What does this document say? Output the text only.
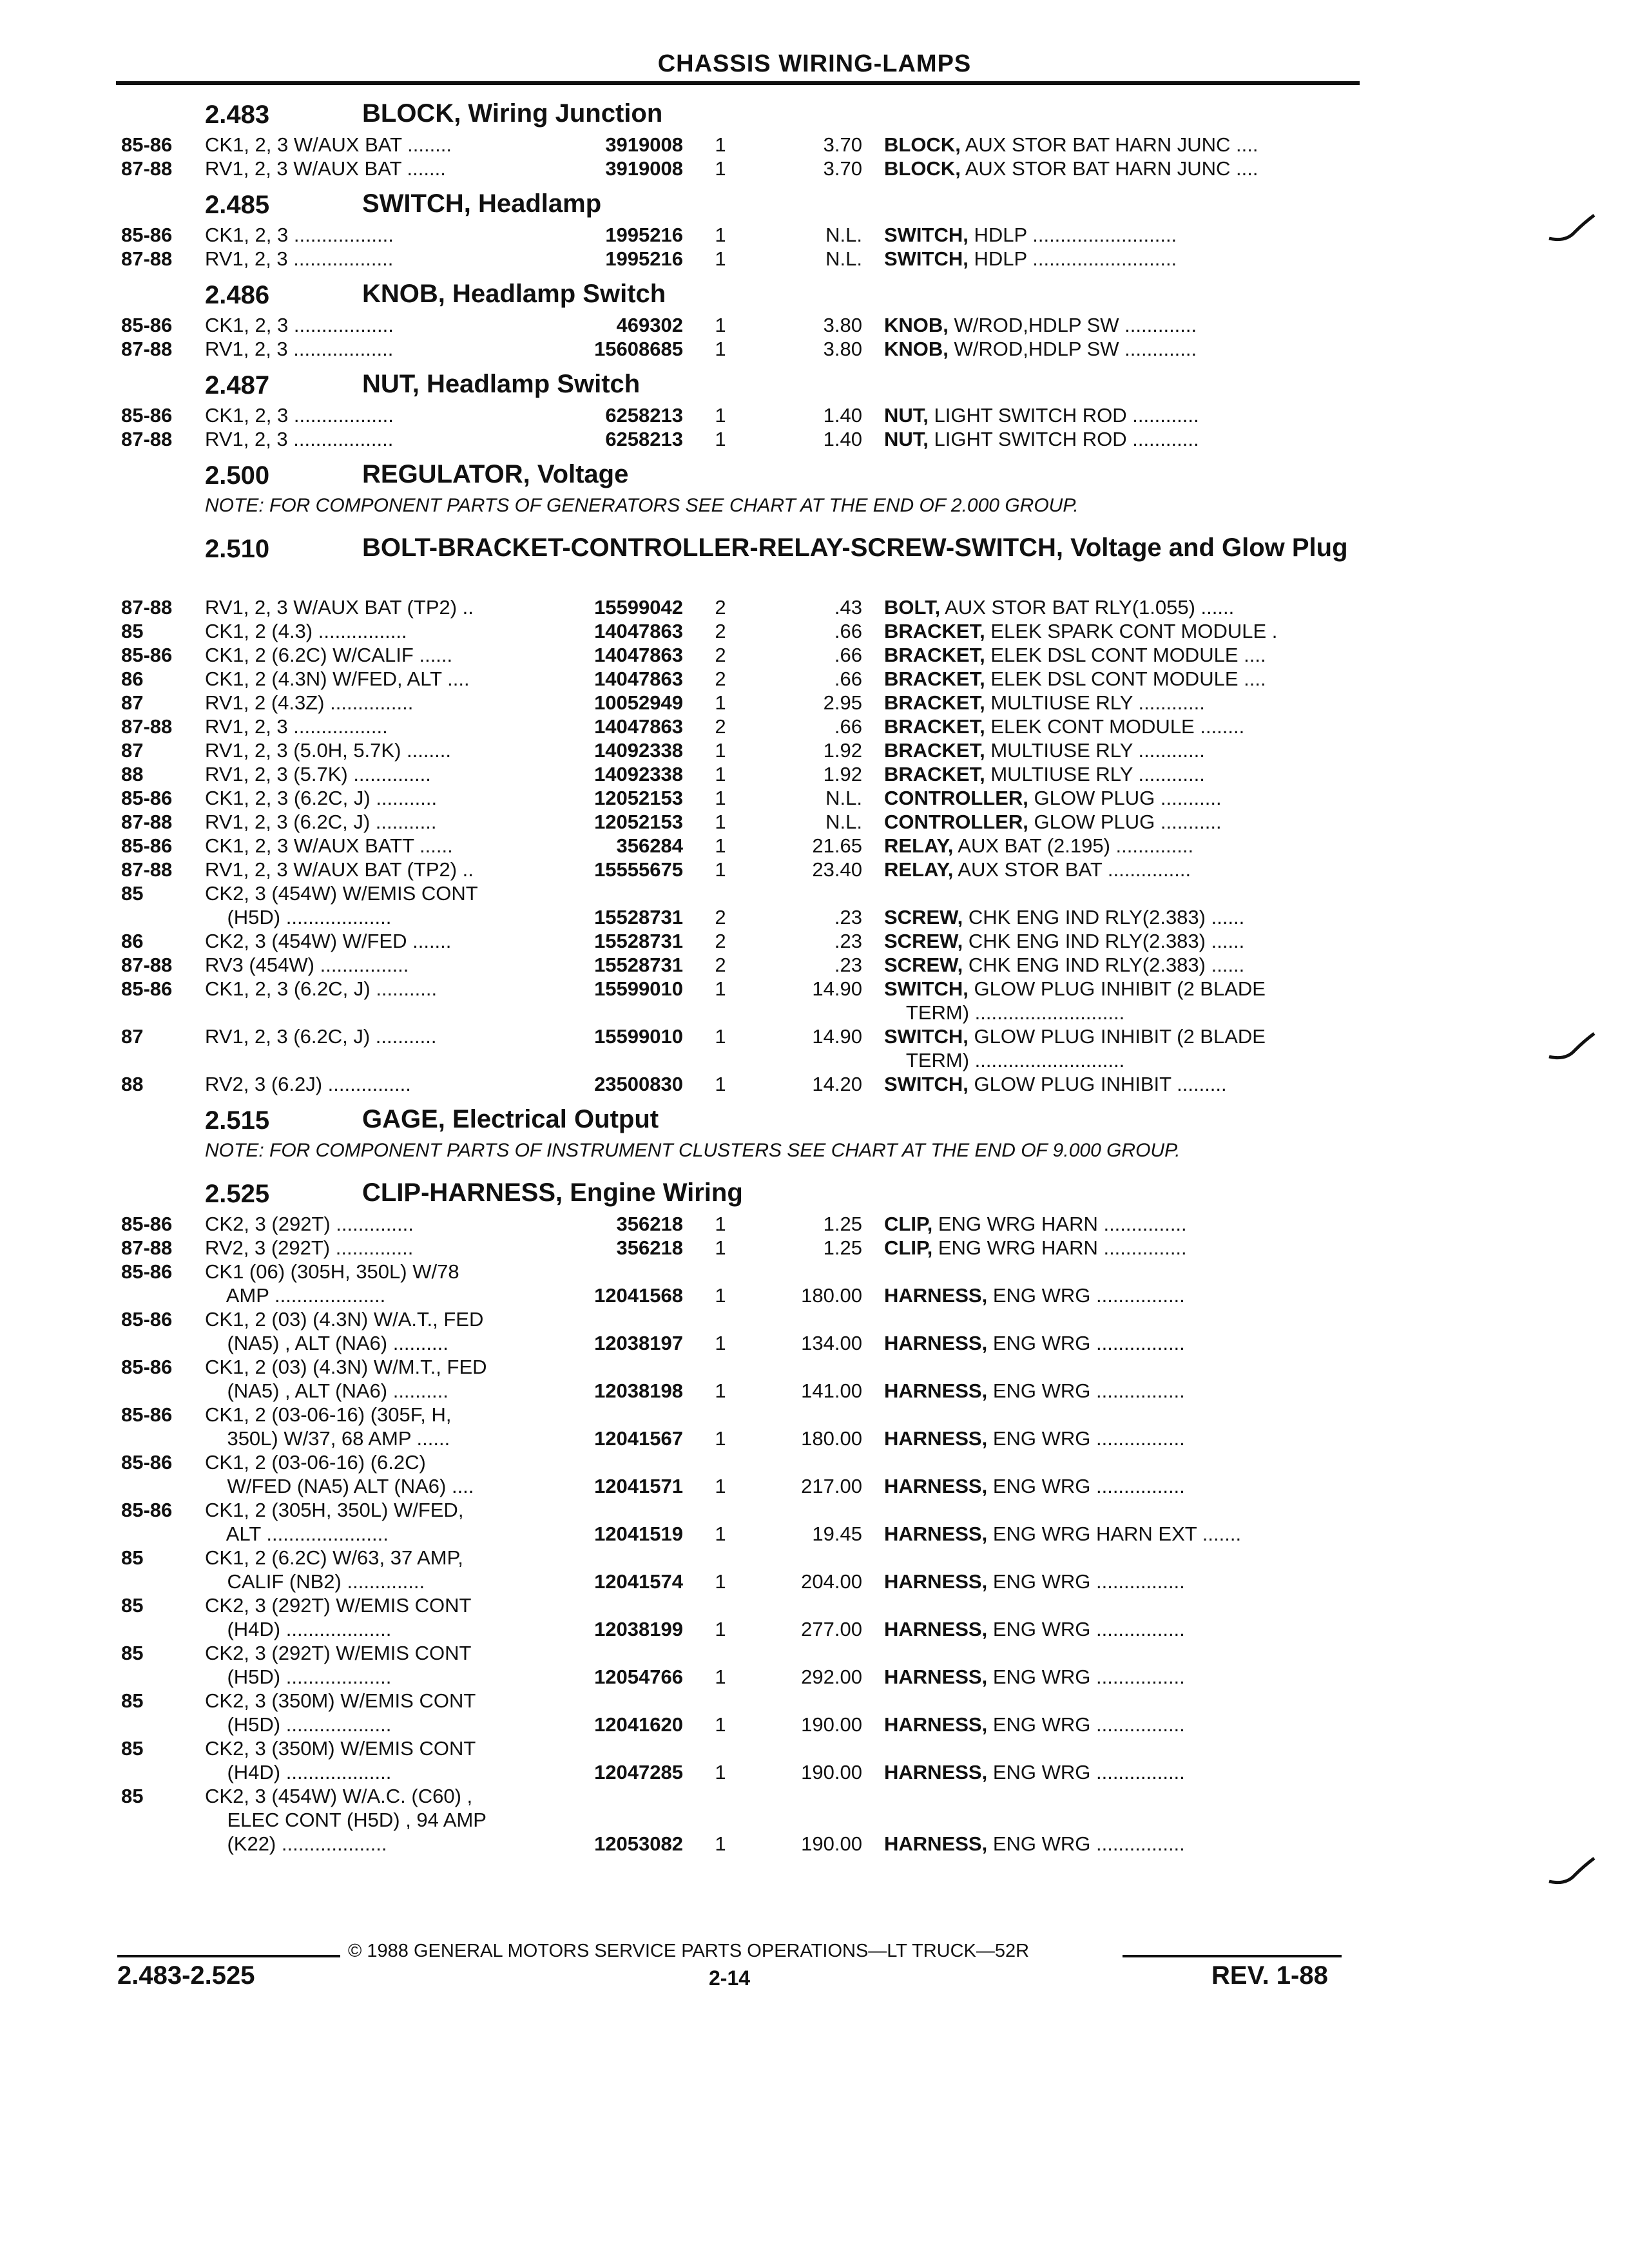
CHASSIS WIRING-LAMPS
2.483	BLOCK, Wiring Junction
85-86 CK1, 2, 3 W/AUX BAT ........	3919008	1	3.70 BLOCK, AUX STOR BAT HARN JUNC ....
87-88 RV1, 2, 3 W/AUX BAT .......	3919008	1	3.70 BLOCK, AUX STOR BAT HARN JUNC ....
2.485	SWITCH, Headlamp
85-86 CK1, 2, 3 ..................	1995216	1	N.L. SWITCH, HDLP ..........................
87-88 RV1, 2, 3 ..................	1995216	1	N.L. SWITCH, HDLP ..........................
2.486	KNOB, Headlamp Switch
85-86 CK1, 2, 3 ..................	469302	1	3.80 KNOB, W/ROD,HDLP SW .............
87-88 RV1, 2, 3 ..................	15608685	1	3.80 KNOB, W/ROD,HDLP SW .............
2.487	NUT, Headlamp Switch
85-86 CK1, 2, 3 ..................	6258213	1	1.40 NUT, LIGHT SWITCH ROD ............
87-88 RV1, 2, 3 ..................	6258213	1	1.40 NUT, LIGHT SWITCH ROD ............
2.500	REGULATOR, Voltage
NOTE: FOR COMPONENT PARTS OF GENERATORS SEE CHART AT THE END OF 2.000 GROUP.
2.510	BOLT-BRACKET-CONTROLLER-RELAY-SCREW-SWITCH, Voltage and Glow Plug
87-88 RV1, 2, 3 W/AUX BAT (TP2) ..	15599042	2	.43 BOLT, AUX STOR BAT RLY(1.055) ......
85	CK1, 2 (4.3) ................	14047863	2	.66 BRACKET, ELEK SPARK CONT MODULE .
85-86 CK1, 2 (6.2C) W/CALIF ......	14047863	2	.66 BRACKET, ELEK DSL CONT MODULE ....
86	CK1, 2 (4.3N) W/FED, ALT ....	14047863	2	.66 BRACKET, ELEK DSL CONT MODULE ....
87	RV1, 2 (4.3Z) ...............	10052949	1	2.95 BRACKET, MULTIUSE RLY ............
87-88 RV1, 2, 3 .................	14047863	2	.66 BRACKET, ELEK CONT MODULE ........
87	RV1, 2, 3 (5.0H, 5.7K) ........	14092338	1	1.92 BRACKET, MULTIUSE RLY ............
88	RV1, 2, 3 (5.7K) ..............	14092338	1	1.92 BRACKET, MULTIUSE RLY ............
85-86 CK1, 2, 3 (6.2C, J) ...........	12052153	1	N.L. CONTROLLER, GLOW PLUG ...........
87-88 RV1, 2, 3 (6.2C, J) ...........	12052153	1	N.L. CONTROLLER, GLOW PLUG ...........
85-86 CK1, 2, 3 W/AUX BATT ......	356284	1	21.65 RELAY, AUX BAT (2.195) ..............
87-88 RV1, 2, 3 W/AUX BAT (TP2) ..	15555675	1	23.40 RELAY, AUX STOR BAT ...............
85	CK2, 3 (454W) W/EMIS CONT
(H5D) ...................	15528731	2	.23 SCREW, CHK ENG IND RLY(2.383) ......
86	CK2, 3 (454W) W/FED .......	15528731	2	.23 SCREW, CHK ENG IND RLY(2.383) ......
87-88 RV3 (454W) ................	15528731	2	.23 SCREW, CHK ENG IND RLY(2.383) ......
85-86 CK1, 2, 3 (6.2C, J) ...........	15599010	1	14.90 SWITCH, GLOW PLUG INHIBIT (2 BLADE
TERM) ...........................
87	RV1, 2, 3 (6.2C, J) ...........	15599010	1	14.90 SWITCH, GLOW PLUG INHIBIT (2 BLADE
TERM) ...........................
88	RV2, 3 (6.2J) ...............	23500830	1	14.20 SWITCH, GLOW PLUG INHIBIT .........
2.515	GAGE, Electrical Output
NOTE: FOR COMPONENT PARTS OF INSTRUMENT CLUSTERS SEE CHART AT THE END OF 9.000 GROUP.
2.525	CLIP-HARNESS, Engine Wiring
85-86 CK2, 3 (292T) ..............	356218	1	1.25 CLIP, ENG WRG HARN ...............
87-88 RV2, 3 (292T) ..............	356218	1	1.25 CLIP, ENG WRG HARN ...............
85-86 CK1 (06) (305H, 350L) W/78
AMP ....................	12041568	1	180.00 HARNESS, ENG WRG ................
85-86 CK1, 2 (03) (4.3N) W/A.T., FED
(NA5) , ALT (NA6) ..........	12038197	1	134.00 HARNESS, ENG WRG ................
85-86 CK1, 2 (03) (4.3N) W/M.T., FED
(NA5) , ALT (NA6) ..........	12038198	1	141.00 HARNESS, ENG WRG ................
85-86 CK1, 2 (03-06-16) (305F, H,
350L) W/37, 68 AMP ......	12041567	1	180.00 HARNESS, ENG WRG ................
85-86 CK1, 2 (03-06-16) (6.2C)
W/FED (NA5) ALT (NA6) ....	12041571	1	217.00 HARNESS, ENG WRG ................
85-86 CK1, 2 (305H, 350L) W/FED,
ALT ......................	12041519	1	19.45 HARNESS, ENG WRG HARN EXT .......
85	CK1, 2 (6.2C) W/63, 37 AMP,
CALIF (NB2) ..............	12041574	1	204.00 HARNESS, ENG WRG ................
85	CK2, 3 (292T) W/EMIS CONT
(H4D) ...................	12038199	1	277.00 HARNESS, ENG WRG ................
85	CK2, 3 (292T) W/EMIS CONT
(H5D) ...................	12054766	1	292.00 HARNESS, ENG WRG ................
85	CK2, 3 (350M) W/EMIS CONT
(H5D) ...................	12041620	1	190.00 HARNESS, ENG WRG ................
85	CK2, 3 (350M) W/EMIS CONT
(H4D) ...................	12047285	1	190.00 HARNESS, ENG WRG ................
85	CK2, 3 (454W) W/A.C. (C60) ,
ELEC CONT (H5D) , 94 AMP
(K22) ...................	12053082	1	190.00 HARNESS, ENG WRG ................
© 1988 GENERAL MOTORS SERVICE PARTS OPERATIONS—LT TRUCK—52R
2.483-2.525	2-14	REV. 1-88
